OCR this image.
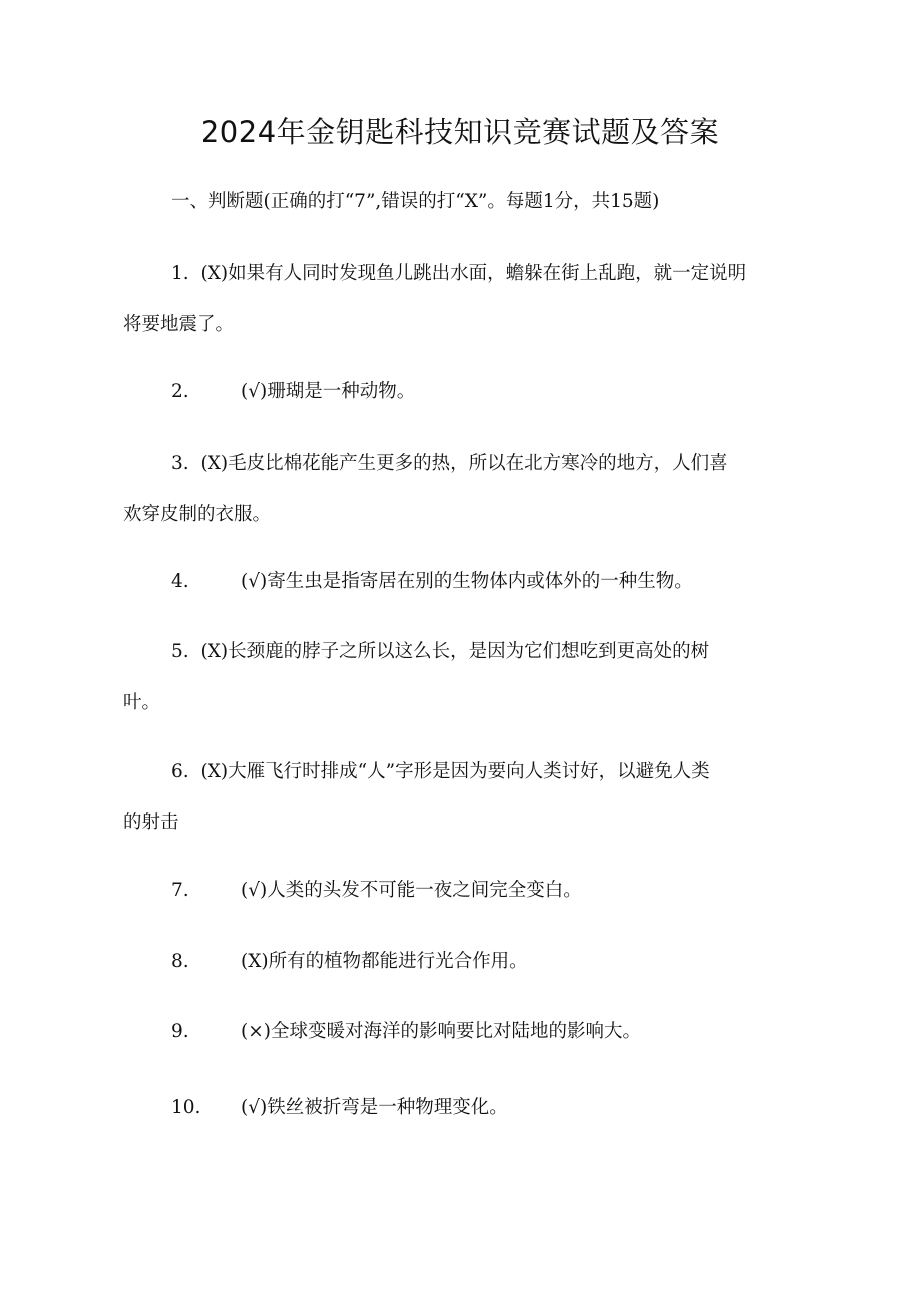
2024年金钥匙科技知识竞赛试题及答案
一、判断题(正确的打“7”,错误的打“X”。每题1分，共15题)
1. (X)如果有人同时发现鱼儿跳出水面，蟾躲在街上乱跑，就一定说明
将要地震了。
2.	(√)珊瑚是一种动物。
3. (X)毛皮比棉花能产生更多的热，所以在北方寒冷的地方，人们喜
欢穿皮制的衣服。
4.	(√)寄生虫是指寄居在别的生物体内或体外的一种生物。
5. (X)长颈鹿的脖子之所以这么长，是因为它们想吃到更高处的树
叶。
6. (X)大雁飞行时排成“人”字形是因为要向人类讨好，以避免人类
的射击
7.	(√)人类的头发不可能一夜之间完全变白。
8.	(X)所有的植物都能进行光合作用。
9.	(×)全球变暖对海洋的影响要比对陆地的影响大。
10. (√)铁丝被折弯是一种物理变化。
